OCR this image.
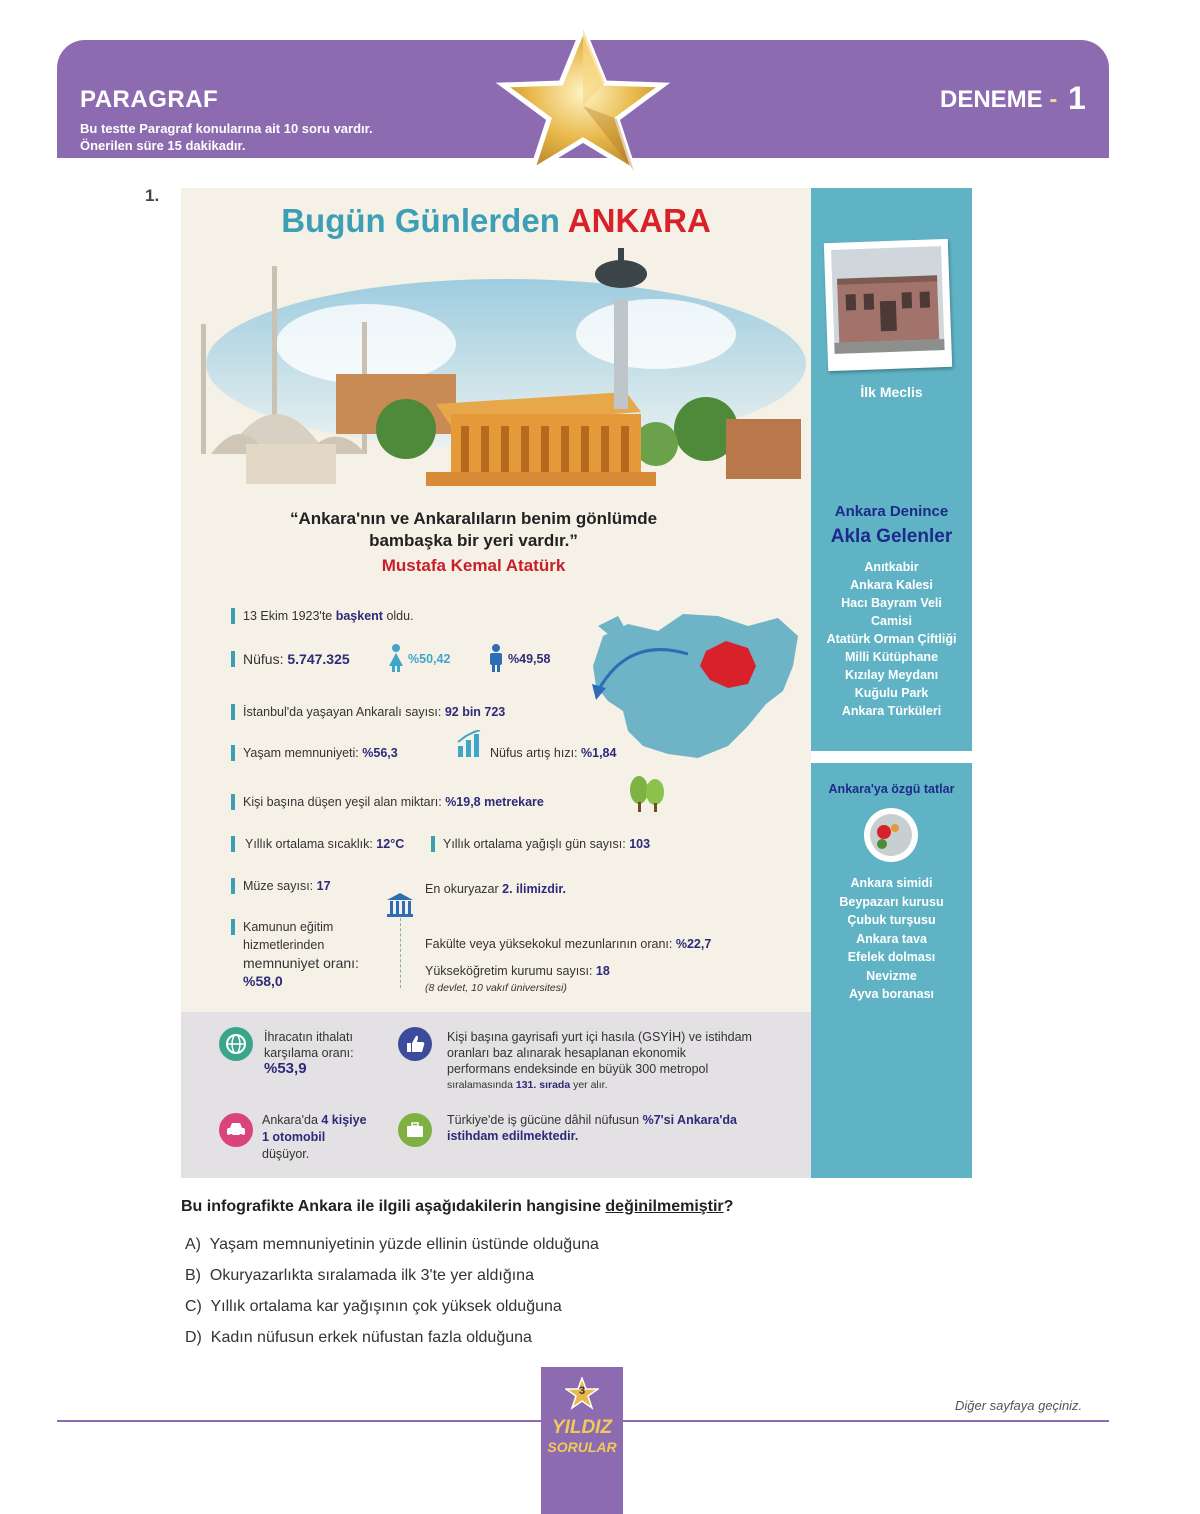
PARAGRAF
Bu testte Paragraf konularına ait 10 soru vardır.
Önerilen süre 15 dakikadır.
DENEME - 1
1.
Bugün Günlerden ANKARA
“Ankara'nın ve Ankaralıların benim gönlümde
bambaşka bir yeri vardır.”
Mustafa Kemal Atatürk
13 Ekim 1923'te başkent oldu.
Nüfus: 5.747.325	%50,42	%49,58
İstanbul'da yaşayan Ankaralı sayısı: 92 bin 723
Yaşam memnuniyeti: %56,3	Nüfus artış hızı: %1,84
Kişi başına düşen yeşil alan miktarı: %19,8 metrekare
Yıllık ortalama sıcaklık: 12°C	Yıllık ortalama yağışlı gün sayısı: 103
Müze sayısı: 17	En okuryazar 2. ilimizdir.
Kamunun eğitim
hizmetlerinden
memnuniyet oranı:
%58,0
Fakülte veya yüksekokul mezunlarının oranı: %22,7
Yükseköğretim kurumu sayısı: 18
(8 devlet, 10 vakıf üniversitesi)
İhracatın ithalatı
karşılama oranı:
%53,9
Kişi başına gayrisafi yurt içi hasıla (GSYİH) ve istihdam
oranları baz alınarak hesaplanan ekonomik
performans endeksinde en büyük 300 metropol
sıralamasında 131. sırada yer alır.
Ankara'da 4 kişiye
1 otomobil
düşüyor.
Türkiye'de iş gücüne dâhil nüfusun %7'si Ankara'da
istihdam edilmektedir.
İlk Meclis
Ankara Denince
Akla Gelenler
Anıtkabir
Ankara Kalesi
Hacı Bayram Veli
Camisi
Atatürk Orman Çiftliği
Milli Kütüphane
Kızılay Meydanı
Kuğulu Park
Ankara Türküleri
Ankara'ya özgü tatlar
Ankara simidi
Beypazarı kurusu
Çubuk turşusu
Ankara tava
Efelek dolması
Nevizme
Ayva boranası
Bu infografikte Ankara ile ilgili aşağıdakilerin hangisine değinilmemiştir?
A) Yaşam memnuniyetinin yüzde ellinin üstünde olduğuna
B) Okuryazarlıkta sıralamada ilk 3'te yer aldığına
C) Yıllık ortalama kar yağışının çok yüksek olduğuna
D) Kadın nüfusun erkek nüfustan fazla olduğuna
3
YILDIZ
SORULAR
Diğer sayfaya geçiniz.
